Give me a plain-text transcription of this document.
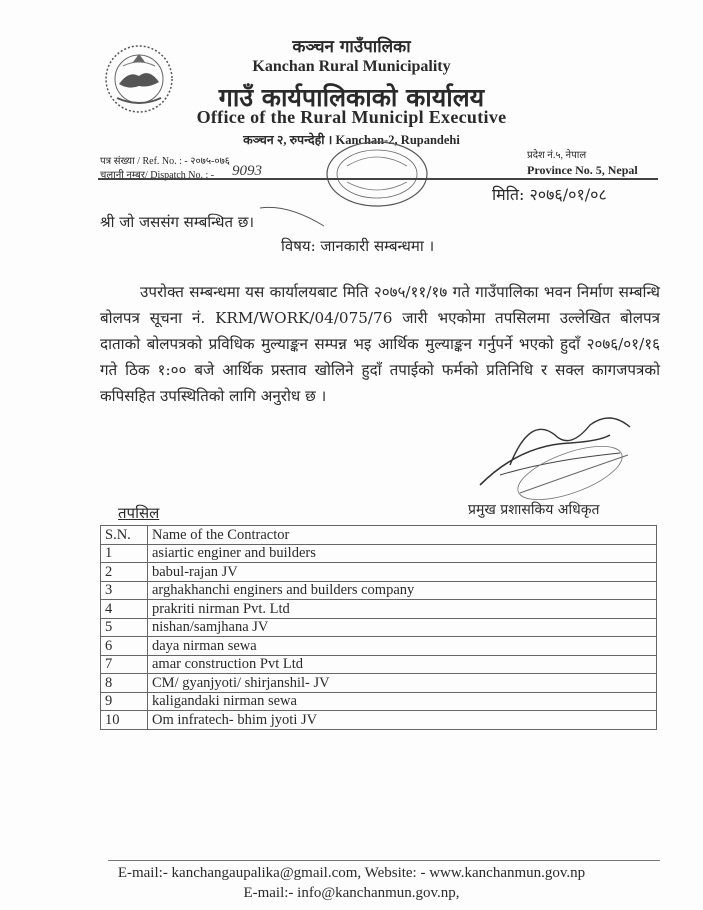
कञ्चन गाउँपालिका
Kanchan Rural Municipality
गाउँ कार्यपालिकाको कार्यालय
Office of the Rural Municipl Executive
कञ्चन २, रुपन्देही । Kanchan-2, Rupandehi
पत्र संख्या / Ref. No. : - २०७५-०७६
चलानी नम्बर/ Dispatch No. : - 9093
प्रदेश नं.५, नेपाल
Province No. 5, Nepal
मिति: २०७६/०१/०८
श्री जो जससंग सम्बन्धित छ।
विषय: जानकारी सम्बन्धमा ।
उपरोक्त सम्बन्धमा यस कार्यालयबाट मिति २०७५/११/१७ गते गाउँपालिका भवन निर्माण सम्बन्धि बोलपत्र सूचना नं. KRM/WORK/04/075/76 जारी भएकोमा तपसिलमा उल्लेखित बोलपत्र दाताको बोलपत्रको प्रविधिक मुल्याङ्कन सम्पन्न भइ आर्थिक मुल्याङ्कन गर्नुपर्ने भएको हुदाँ २०७६/०१/१६ गते ठिक १:०० बजे आर्थिक प्रस्ताव खोलिने हुदाँ तपाईको फर्मको प्रतिनिधि र सक्ल कागजपत्रको कपिसहित उपस्थितिको लागि अनुरोध छ ।
तपसिल	प्रमुख प्रशासकिय अधिकृत
S.N.	Name of the Contractor
1	asiartic enginer and builders
2	babul-rajan JV
3	arghakhanchi enginers and builders company
4	prakriti nirman Pvt. Ltd
5	nishan/samjhana JV
6	daya nirman sewa
7	amar construction Pvt Ltd
8	CM/ gyanjyoti/ shirjanshil- JV
9	kaligandaki nirman sewa
10	Om infratech- bhim jyoti JV
E-mail:- kanchangaupalika@gmail.com, Website: - www.kanchanmun.gov.np
E-mail:- info@kanchanmun.gov.np,
